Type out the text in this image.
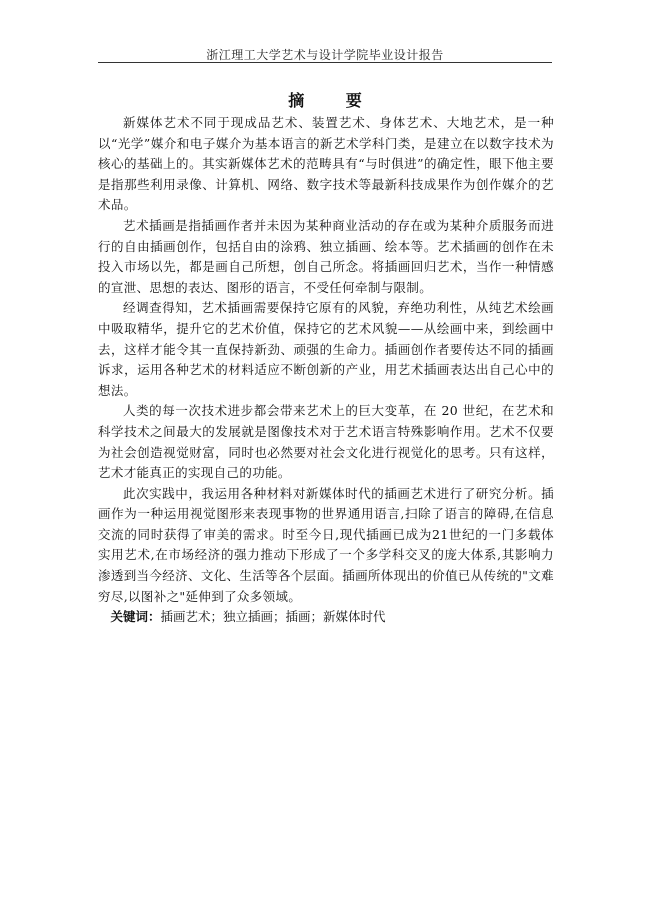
浙江理工大学艺术与设计学院毕业设计报告
摘 要

新媒体艺术不同于现成品艺术、装置艺术、身体艺术、大地艺术，是一种以“光学”媒介和电子媒介为基本语言的新艺术学科门类，是建立在以数字技术为核心的基础上的。其实新媒体艺术的范畴具有“与时俱进”的确定性，眼下他主要是指那些利用录像、计算机、网络、数字技术等最新科技成果作为创作媒介的艺术品。

艺术插画是指插画作者并未因为某种商业活动的存在或为某种介质服务而进行的自由插画创作，包括自由的涂鸦、独立插画、绘本等。艺术插画的创作在未投入市场以先，都是画自己所想，创自己所念。将插画回归艺术，当作一种情感的宣泄、思想的表达、图形的语言，不受任何牵制与限制。

经调查得知，艺术插画需要保持它原有的风貌，弃绝功利性，从纯艺术绘画中吸取精华，提升它的艺术价值，保持它的艺术风貌——从绘画中来，到绘画中去，这样才能令其一直保持新劲、顽强的生命力。插画创作者要传达不同的插画诉求，运用各种艺术的材料适应不断创新的产业，用艺术插画表达出自己心中的想法。

人类的每一次技术进步都会带来艺术上的巨大变革，在 20 世纪，在艺术和科学技术之间最大的发展就是图像技术对于艺术语言特殊影响作用。艺术不仅要为社会创造视觉财富，同时也必然要对社会文化进行视觉化的思考。只有这样，艺术才能真正的实现自己的功能。

此次实践中，我运用各种材料对新媒体时代的插画艺术进行了研究分析。插画作为一种运用视觉图形来表现事物的世界通用语言,扫除了语言的障碍,在信息交流的同时获得了审美的需求。时至今日,现代插画已成为21世纪的一门多载体实用艺术,在市场经济的强力推动下形成了一个多学科交叉的庞大体系,其影响力渗透到当今经济、文化、生活等各个层面。插画所体现出的价值已从传统的"文难穷尽,以图补之"延伸到了众多领域。

关键词：插画艺术；独立插画；插画；新媒体时代
